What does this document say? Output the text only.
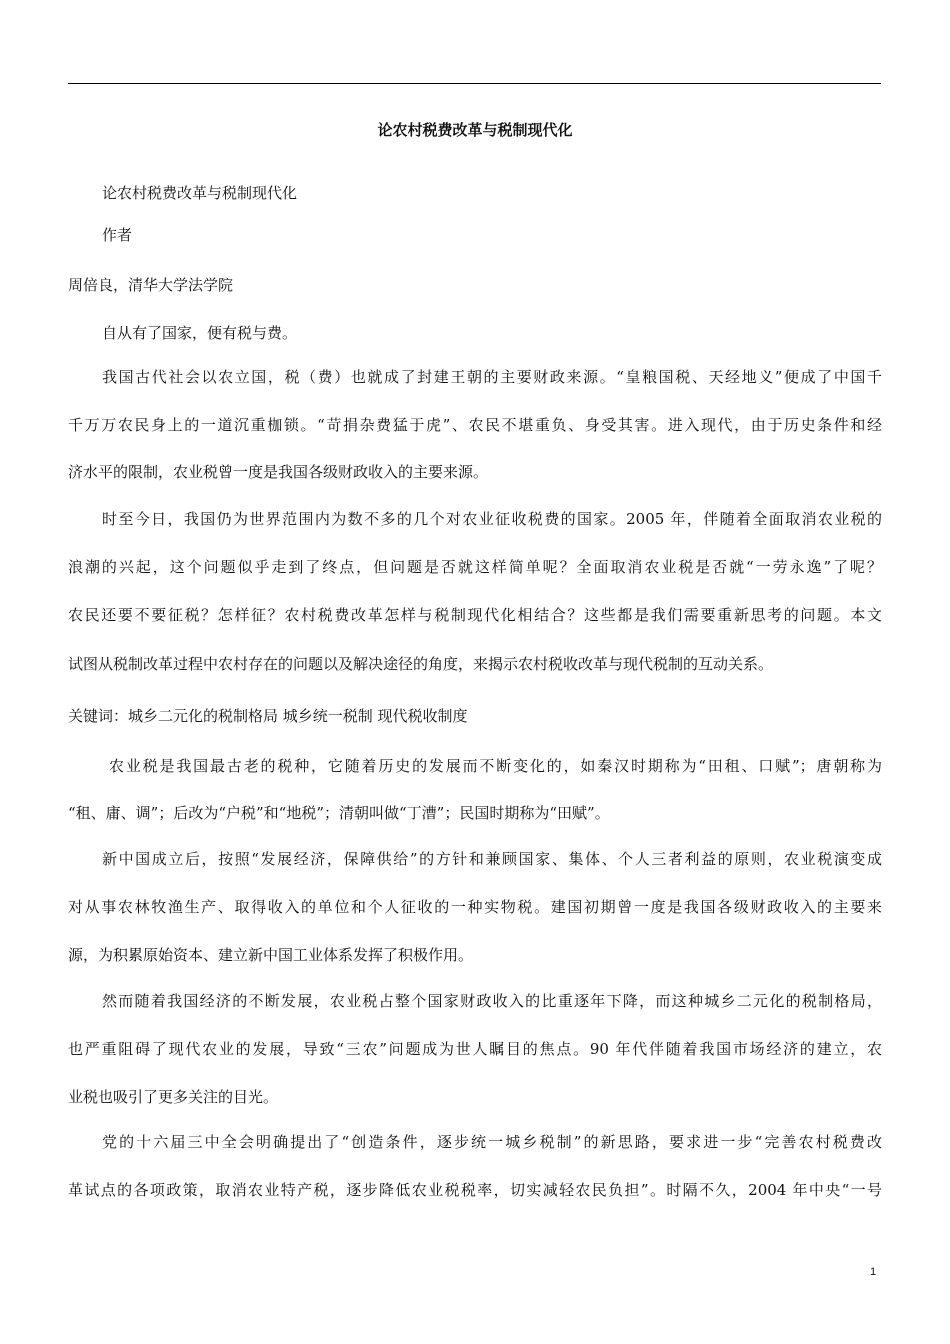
论农村税费改革与税制现代化

论农村税费改革与税制现代化

作者

周倍良，清华大学法学院

自从有了国家，便有税与费。

我国古代社会以农立国，税（费）也就成了封建王朝的主要财政来源。“皇粮国税、天经地义”便成了中国千

千万万农民身上的一道沉重枷锁。“苛捐杂费猛于虎”、农民不堪重负、身受其害。进入现代，由于历史条件和经

济水平的限制，农业税曾一度是我国各级财政收入的主要来源。

时至今日，我国仍为世界范围内为数不多的几个对农业征收税费的国家。2005 年，伴随着全面取消农业税的

浪潮的兴起，这个问题似乎走到了终点，但问题是否就这样简单呢？全面取消农业税是否就“一劳永逸”了呢？

农民还要不要征税？怎样征？农村税费改革怎样与税制现代化相结合？这些都是我们需要重新思考的问题。本文

试图从税制改革过程中农村存在的问题以及解决途径的角度，来揭示农村税收改革与现代税制的互动关系。

关键词：城乡二元化的税制格局 城乡统一税制 现代税收制度

农业税是我国最古老的税种，它随着历史的发展而不断变化的，如秦汉时期称为“田租、口赋”；唐朝称为

“租、庸、调”；后改为“户税”和“地税”；清朝叫做“丁漕”；民国时期称为“田赋”。

新中国成立后，按照“发展经济，保障供给”的方针和兼顾国家、集体、个人三者利益的原则，农业税演变成

对从事农林牧渔生产、取得收入的单位和个人征收的一种实物税。建国初期曾一度是我国各级财政收入的主要来

源，为积累原始资本、建立新中国工业体系发挥了积极作用。

然而随着我国经济的不断发展，农业税占整个国家财政收入的比重逐年下降，而这种城乡二元化的税制格局，

也严重阻碍了现代农业的发展，导致“三农”问题成为世人瞩目的焦点。90 年代伴随着我国市场经济的建立，农

业税也吸引了更多关注的目光。

党的十六届三中全会明确提出了“创造条件，逐步统一城乡税制”的新思路，要求进一步“完善农村税费改

革试点的各项政策，取消农业特产税，逐步降低农业税税率，切实减轻农民负担”。时隔不久，2004 年中央“一号

1
